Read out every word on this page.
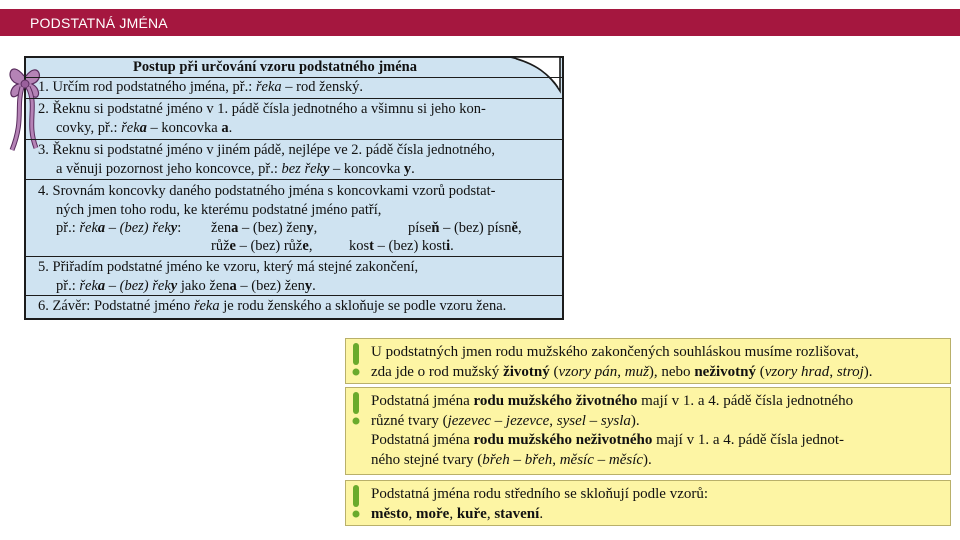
PODSTATNÁ JMÉNA
Postup při určování vzoru podstatného jména
1. Určím rod podstatného jména, př.: řeka – rod ženský.
2. Řeknu si podstatné jméno v 1. pádě čísla jednotného a všimnu si jeho kon-
covky, př.: řeka – koncovka a.
3. Řeknu si podstatné jméno v jiném pádě, nejlépe ve 2. pádě čísla jednotného,
a věnuji pozornost jeho koncovce, př.: bez řeky – koncovka y.
4. Srovnám koncovky daného podstatného jména s koncovkami vzorů podstat-
ných jmen toho rodu, ke kterému podstatné jméno patří,
př.: řeka – (bez) řeky: žena – (bez) ženy,	píseň – (bez) písně,
růže – (bez) růže,	kost – (bez) kosti.
5. Přiřadím podstatné jméno ke vzoru, který má stejné zakončení,
př.: řeka – (bez) řeky jako žena – (bez) ženy.
6. Závěr: Podstatné jméno řeka je rodu ženského a skloňuje se podle vzoru žena.
U podstatných jmen rodu mužského zakončených souhláskou musíme rozlišovat,
zda jde o rod mužský životný (vzory pán, muž), nebo neživotný (vzory hrad, stroj).
Podstatná jména rodu mužského životného mají v 1. a 4. pádě čísla jednotného
různé tvary (jezevec – jezevce, sysel – sysla).
Podstatná jména rodu mužského neživotného mají v 1. a 4. pádě čísla jednot-
ného stejné tvary (břeh – břeh, měsíc – měsíc).
Podstatná jména rodu středního se skloňují podle vzorů:
město, moře, kuře, stavení.
